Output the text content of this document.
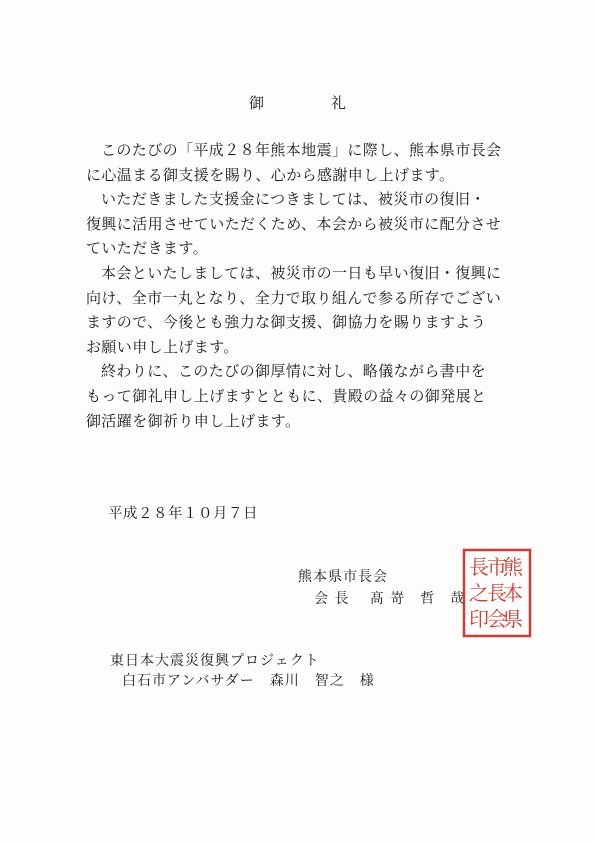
御　礼

このたびの「平成２８年熊本地震」に際し、熊本県市長会
に心温まる御支援を賜り、心から感謝申し上げます。

いただきました支援金につきましては、被災市の復旧・
復興に活用させていただくため、本会から被災市に配分させ
ていただきます。

本会といたしましては、被災市の一日も早い復旧・復興に
向け、全市一丸となり、全力で取り組んで参る所存でござい
ますので、今後とも強力な御支援、御協力を賜りますよう
お願い申し上げます。

終わりに、このたびの御厚情に対し、略儀ながら書中を
もって御礼申し上げますとともに、貴殿の益々の御発展と
御活躍を御祈り申し上げます。

平成２８年１０月７日
熊本県市長会
会 長　 髙 嵜　哲　哉
熊
本
県
市
長
会
長
之
印
東日本大震災復興プロジェクト
白石市アンバサダー　森川　智之　様
